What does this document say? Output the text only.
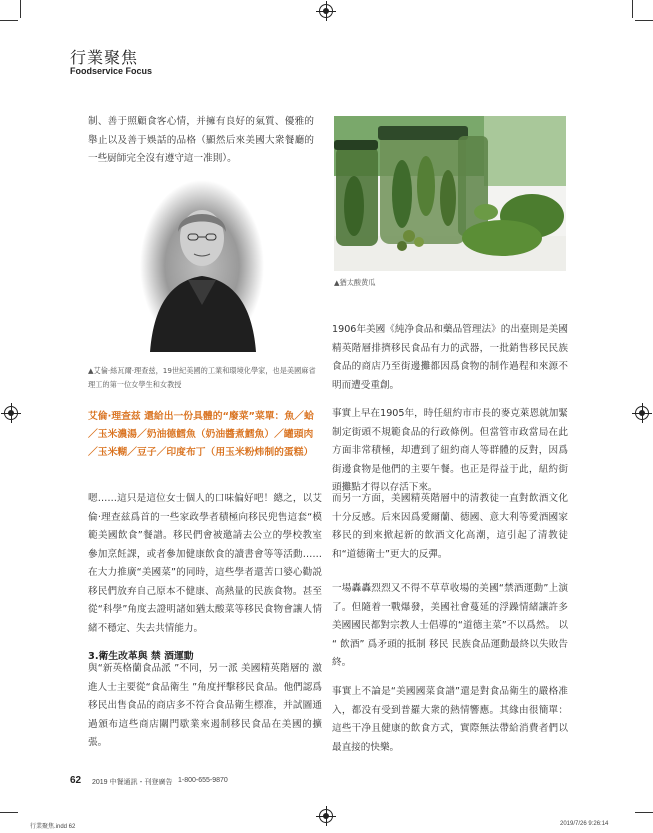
行業聚焦
Foodservice Focus
制、善于照顧食客心情，并擁有良好的氣質、優雅的舉止以及善于娛話的品格（顯然后來美國大衆餐廳的一些厨師完全沒有遵守這一准則）。
▲艾倫·絲瓦爾·理查兹，19世紀美國的工業和環境化學家，也是美國麻省理工的第一位女學生和女教授
艾倫·理查兹 還給出一份具體的“廢菜”菜單：魚／蛤／玉米濃湯／奶油德鱈魚（奶油醬煮鱈魚）／罐頭肉／玉米糊／豆子／印度布丁（用玉米粉炜制的蛋糕）
嗯……這只是這位女士個人的口味偏好吧！總之，以艾倫·理查兹爲首的一些家政學者積極向移民兜售這套“模範美國飲食”餐譜。移民們會被邀請去公立的學校教室參加烹飪課，或者參加健康飲食的讀書會等等活動……在大力推廣“美國菜”的同時，這些學者還苦口婆心勸説移民們放弃自己原本不健康、高熱量的民族食物。甚至從“科學”角度去證明諸如猶太酸菜等移民食物會讓人情緒不穩定、失去共情能力。
3.衛生改革與 禁 酒運動
與“新英格蘭食品派 ”不同，另一派 美國精英階層的 激進人士主要從“食品衛生 ”角度抨擊移民食品。他們認爲移民出售食品的商店多不符合食品衛生標准，并試圖通過頒布這些商店關門歇業來遏制移民食品在美國的擴張。
▲猶太酸黄瓜
1906年美國《純净食品和藥品管理法》的出臺則是美國精英階層排擠移民食品有力的武器，一批銷售移民民族食品的商店乃至街邊攤都因爲食物的制作過程和來源不明而遭受重創。
事實上早在1905年，時任紐約市市長的麥克萊恩就加緊制定街頭不規範食品的行政條例。但當管市政當局在此方面非常積極，却遭到了紐約商人等群體的反對，因爲街邊食物是他們的主要午餐。也正是得益于此，紐約街頭攤點才得以存活下來。
而另一方面，美國精英階層中的清教徒一直對飲酒文化十分反感。后來因爲愛爾蘭、德國、意大利等愛酒國家移民的到來掀起新的飲酒文化高潮，這引起了清教徒和“道德衛士”更大的反彈。
一場轟轟烈烈又不得不草草收場的美國“禁酒運動”上演了。但隨着一戰爆發，美國社會蔓延的浮躁情緒讓許多美國國民都對宗教人士倡導的“道德主菜”不以爲然。 以 “ 飲酒” 爲矛頭的抵制 移民 民族食品運動最終以失敗告終。
事實上不論是“美國國菜食譜”還是對食品衛生的嚴格准入，都没有受到普羅大衆的熱情響應。其緣由很簡單：這些干净且健康的飲食方式，實際無法帶給消費者們以最直接的快樂。
62 2019 中餐通訊・刊登廣告 1-800-655-9870
行業聚焦.indd 62	2019/7/26 9:26:14
